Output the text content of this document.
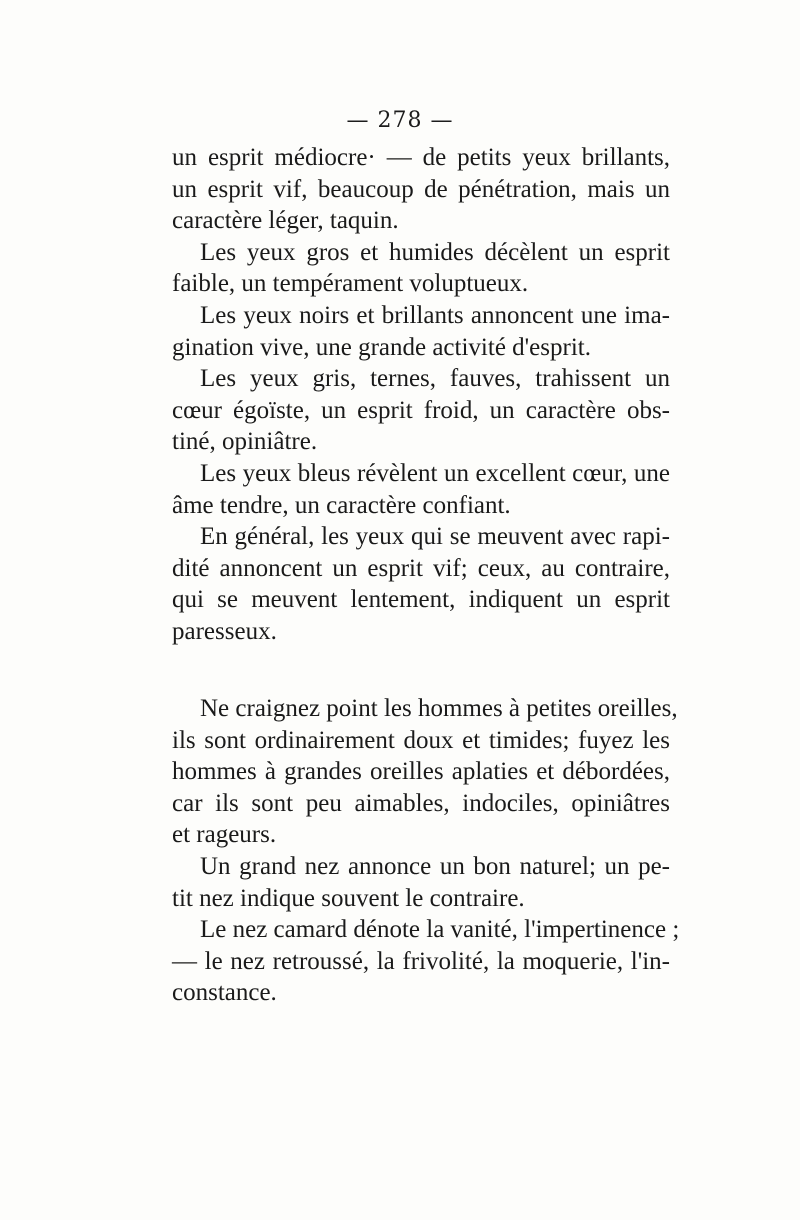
— 278 —
un esprit médiocre· — de petits yeux brillants,
un esprit vif, beaucoup de pénétration, mais un
caractère léger, taquin.
Les yeux gros et humides décèlent un esprit
faible, un tempérament voluptueux.
Les yeux noirs et brillants annoncent une ima-
gination vive, une grande activité d'esprit.
Les yeux gris, ternes, fauves, trahissent un
cœur égoïste, un esprit froid, un caractère obs-
tiné, opiniâtre.
Les yeux bleus révèlent un excellent cœur, une
âme tendre, un caractère confiant.
En général, les yeux qui se meuvent avec rapi-
dité annoncent un esprit vif; ceux, au contraire,
qui se meuvent lentement, indiquent un esprit
paresseux.
Ne craignez point les hommes à petites oreilles,
ils sont ordinairement doux et timides; fuyez les
hommes à grandes oreilles aplaties et débordées,
car ils sont peu aimables, indociles, opiniâtres
et rageurs.
Un grand nez annonce un bon naturel; un pe-
tit nez indique souvent le contraire.
Le nez camard dénote la vanité, l'impertinence ;
— le nez retroussé, la frivolité, la moquerie, l'in-
constance.
